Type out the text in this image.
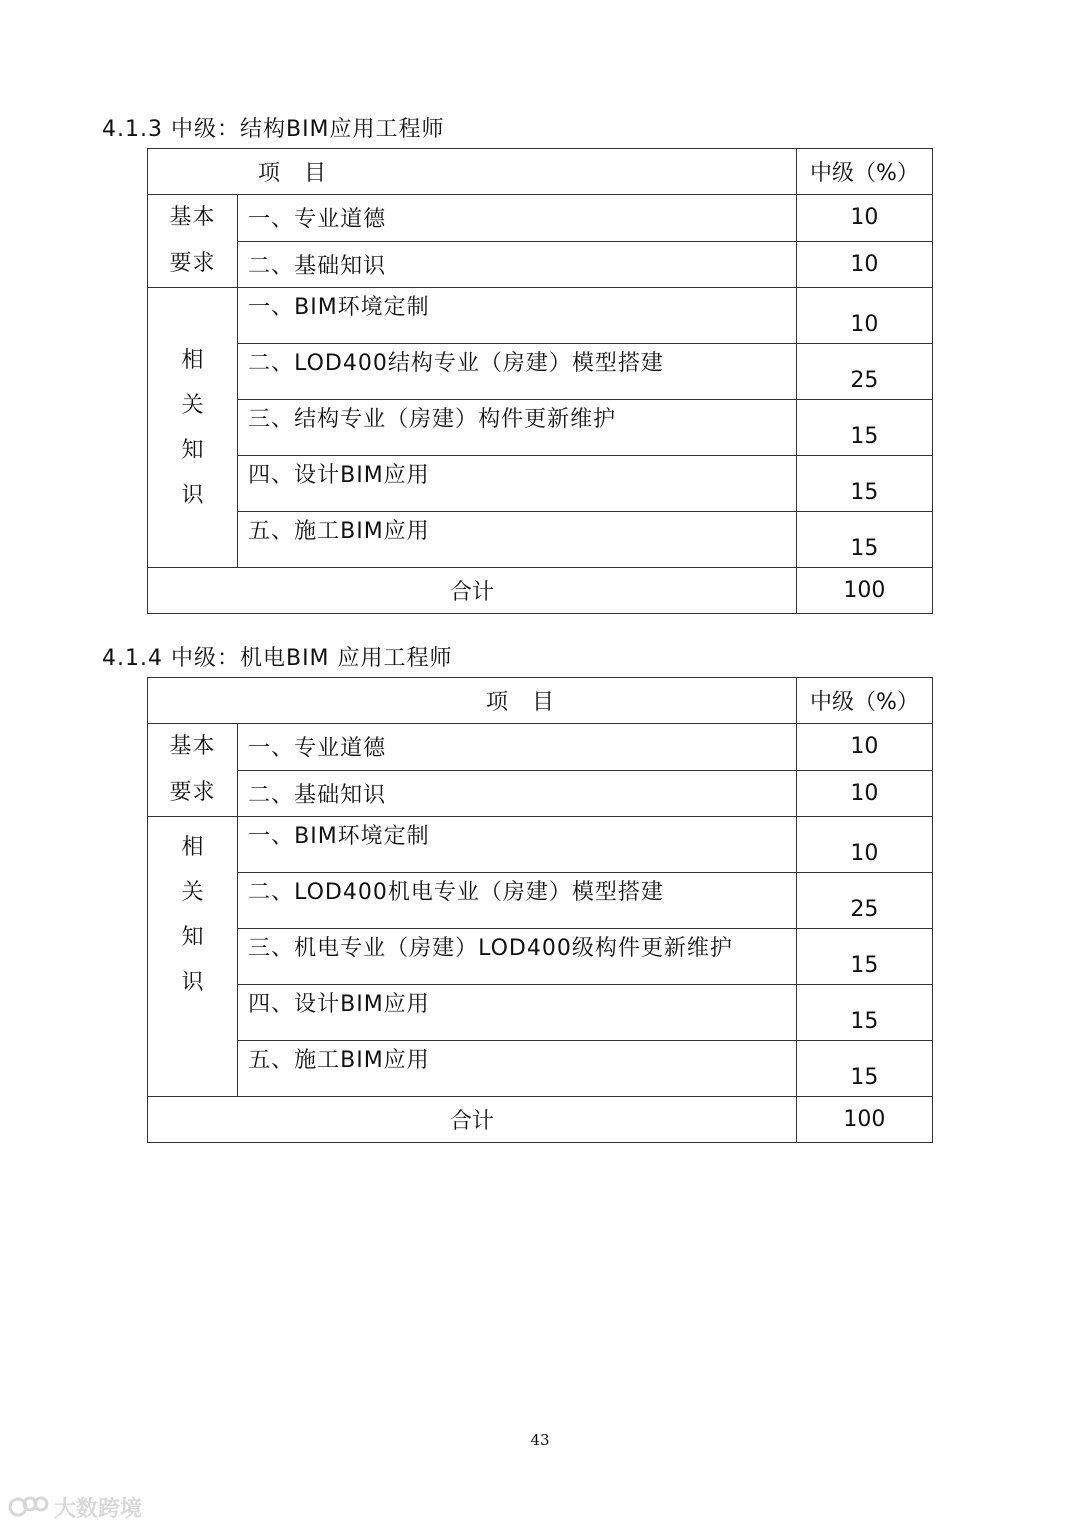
4.1.3 中级：结构BIM应用工程师
项　目		中级（%）

基本要求	一、专业道德	10
	二、基础知识	10

相关知识	一、BIM环境定制	10
	二、LOD400结构专业（房建）模型搭建	25
	三、结构专业（房建）构件更新维护	15
	四、设计BIM应用	15
	五、施工BIM应用	15
合计		100
4.1.4 中级：机电BIM 应用工程师
项　目		中级（%）

基本要求	一、专业道德	10
	二、基础知识	10

相关知识	一、BIM环境定制	10
	二、LOD400机电专业（房建）模型搭建	25
	三、机电专业（房建）LOD400级构件更新维护	15
	四、设计BIM应用	15
	五、施工BIM应用	15
合计		100
43
大数跨境
